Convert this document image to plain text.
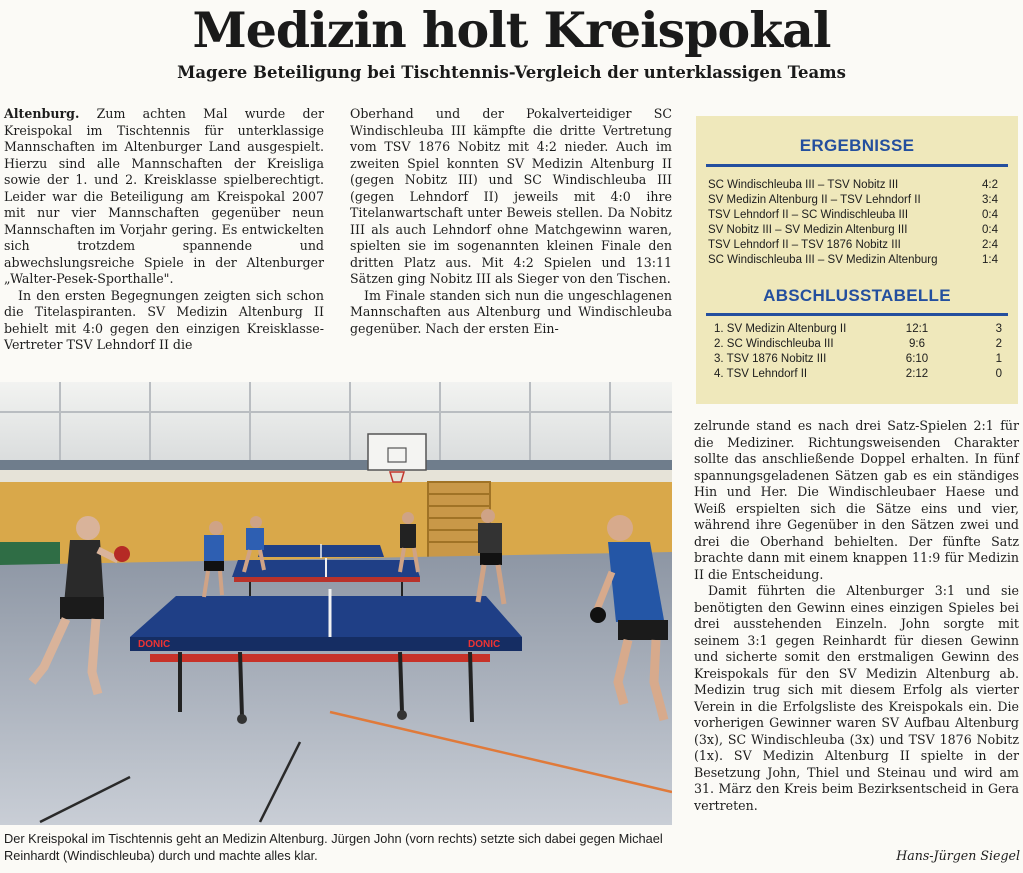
Medizin holt Kreispokal
Magere Beteiligung bei Tischtennis-Vergleich der unterklassigen Teams

Altenburg. Zum achten Mal wurde der Kreispokal im Tischtennis für unterklassige Mannschaften im Altenburger Land ausgespielt. Hierzu sind alle Mannschaften der Kreisliga sowie der 1. und 2. Kreisklasse spielberechtigt. Leider war die Beteiligung am Kreispokal 2007 mit nur vier Mannschaften gegenüber neun Mannschaften im Vorjahr gering. Es entwickelten sich trotzdem spannende und abwechslungsreiche Spiele in der Altenburger „Walter-Pesek-Sporthalle".

In den ersten Begegnungen zeigten sich schon die Titelaspiranten. SV Medizin Altenburg II behielt mit 4:0 gegen den einzigen Kreisklasse-Vertreter TSV Lehndorf II die

Oberhand und der Pokalverteidiger SC Windischleuba III kämpfte die dritte Vertretung vom TSV 1876 Nobitz mit 4:2 nieder. Auch im zweiten Spiel konnten SV Medizin Altenburg II (gegen Nobitz III) und SC Windischleuba III (gegen Lehndorf II) jeweils mit 4:0 ihre Titelanwartschaft unter Beweis stellen. Da Nobitz III als auch Lehndorf ohne Matchgewinn waren, spielten sie im sogenannten kleinen Finale den dritten Platz aus. Mit 4:2 Spielen und 13:11 Sätzen ging Nobitz III als Sieger von den Tischen.

Im Finale standen sich nun die ungeschlagenen Mannschaften aus Altenburg und Windischleuba gegenüber. Nach der ersten Ein-

ERGEBNISSE
SC Windischleuba III – TSV Nobitz III	4:2
SV Medizin Altenburg II – TSV Lehndorf II	3:4
TSV Lehndorf II – SC Windischleuba III	0:4
SV Nobitz III – SV Medizin Altenburg III	0:4
TSV Lehndorf II – TSV 1876 Nobitz III	2:4
SC Windischleuba III – SV Medizin Altenburg	1:4
ABSCHLUSSTABELLE
1. SV Medizin Altenburg II	12:1	3
2. SC Windischleuba III	9:6	2
3. TSV 1876 Nobitz III	6:10	1
4. TSV Lehndorf II	2:12	0
DONIC	DONIC
Der Kreispokal im Tischtennis geht an Medizin Altenburg. Jürgen John (vorn rechts) setzte sich dabei gegen Michael Reinhardt (Windischleuba) durch und machte alles klar.

zelrunde stand es nach drei Satz-Spielen 2:1 für die Mediziner. Richtungsweisenden Charakter sollte das anschließende Doppel erhalten. In fünf spannungsgeladenen Sätzen gab es ein ständiges Hin und Her. Die Windischleubaer Haese und Weiß erspielten sich die Sätze eins und vier, während ihre Gegenüber in den Sätzen zwei und drei die Oberhand behielten. Der fünfte Satz brachte dann mit einem knappen 11:9 für Medizin II die Entscheidung.

Damit führten die Altenburger 3:1 und sie benötigten den Gewinn eines einzigen Spieles bei drei ausstehenden Einzeln. John sorgte mit seinem 3:1 gegen Reinhardt für diesen Gewinn und sicherte somit den erstmaligen Gewinn des Kreispokals für den SV Medizin Altenburg ab. Medizin trug sich mit diesem Erfolg als vierter Verein in die Erfolgsliste des Kreispokals ein. Die vorherigen Gewinner waren SV Aufbau Altenburg (3x), SC Windischleuba (3x) und TSV 1876 Nobitz (1x). SV Medizin Altenburg II spielte in der Besetzung John, Thiel und Steinau und wird am 31. März den Kreis beim Bezirksentscheid in Gera vertreten.

Hans-Jürgen Siegel
